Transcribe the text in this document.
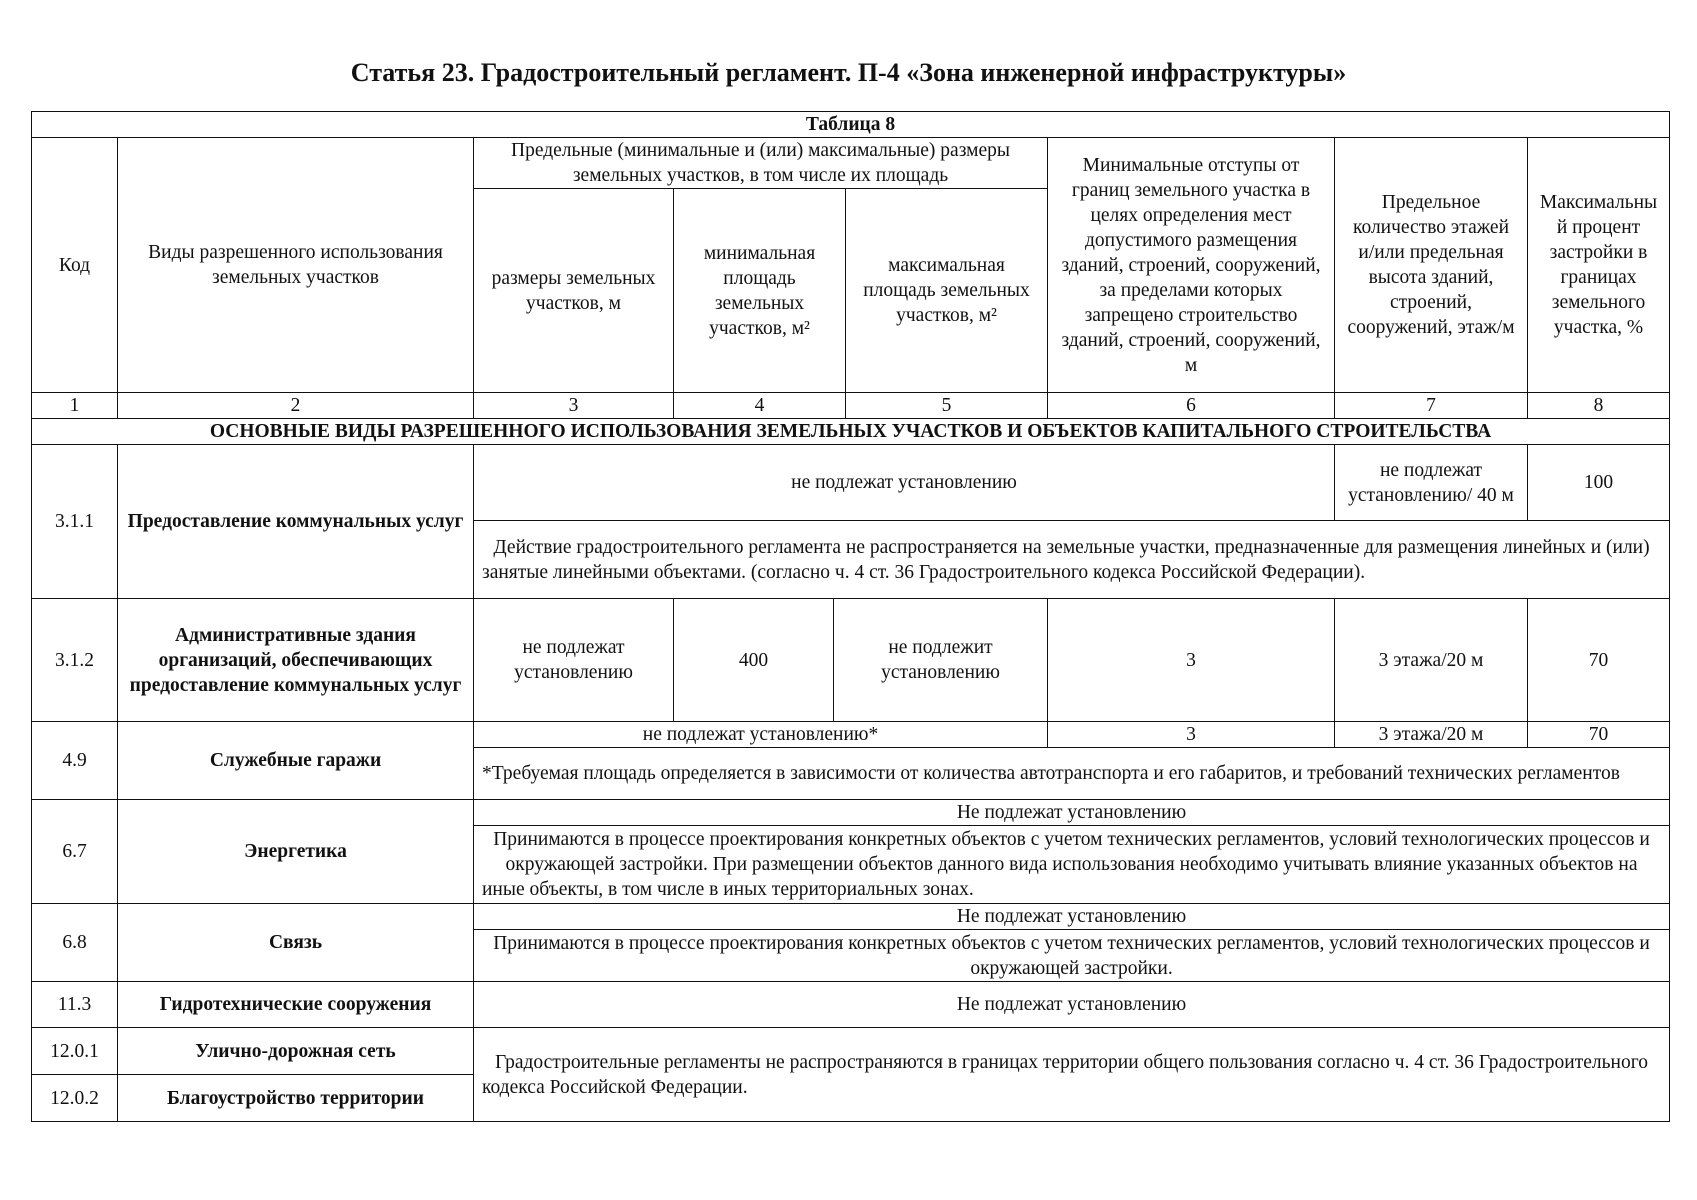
Статья 23. Градостроительный регламент. П-4 «Зона инженерной инфраструктуры»
Таблица 8								
Код	Виды разрешенного использования земельных участков	Предельные (минимальные и (или) максимальные) размеры земельных участков, в том числе их площадь				Минимальные отступы от границ земельного участка в целях определения мест допустимого размещения зданий, строений, сооружений, за пределами которых запрещено строительство зданий, строений, сооружений, м	Предельное количество этажей и/или предельная высота зданий, строений, сооружений, этаж/м	Максимальны й процент застройки в границах земельного участка, %
		размеры земельных участков, м	минимальная площадь земельных участков, м²		максимальная площадь земельных участков, м²			
1	2	3	4		5	6	7	8
ОСНОВНЫЕ ВИДЫ РАЗРЕШЕННОГО ИСПОЛЬЗОВАНИЯ ЗЕМЕЛЬНЫХ УЧАСТКОВ И ОБЪЕКТОВ КАПИТАЛЬНОГО СТРОИТЕЛЬСТВА								
3.1.1	Предоставление коммунальных услуг	не подлежат установлению					не подлежат установлению/ 40 м	100
		Действие градостроительного регламента не распространяется на земельные участки, предназначенные для размещения линейных и (или) занятые линейными объектами. (согласно ч. 4 ст. 36 Градостроительного кодекса Российской Федерации).						
3.1.2	Административные здания организаций, обеспечивающих предоставление коммунальных услуг	не подлежат установлению	400	не подлежит установлению		3	3 этажа/20 м	70
4.9	Служебные гаражи	не подлежат установлению*				3	3 этажа/20 м	70
		*Требуемая площадь определяется в зависимости от количества автотранспорта и его габаритов, и требований технических регламентов						
6.7	Энергетика	Не подлежат установлению						
		Принимаются в процессе проектирования конкретных объектов с учетом технических регламентов, условий технологических процессов и окружающей застройки. При размещении объектов данного вида использования необходимо учитывать влияние указанных объектов на иные объекты, в том числе в иных территориальных зонах.						
6.8	Связь	Не подлежат установлению						
		Принимаются в процессе проектирования конкретных объектов с учетом технических регламентов, условий технологических процессов и окружающей застройки.						
11.3	Гидротехнические сооружения	Не подлежат установлению						
12.0.1	Улично-дорожная сеть	Градостроительные регламенты не распространяются в границах территории общего пользования согласно ч. 4 ст. 36 Градостроительного кодекса Российской Федерации.						
12.0.2	Благоустройство территории							
